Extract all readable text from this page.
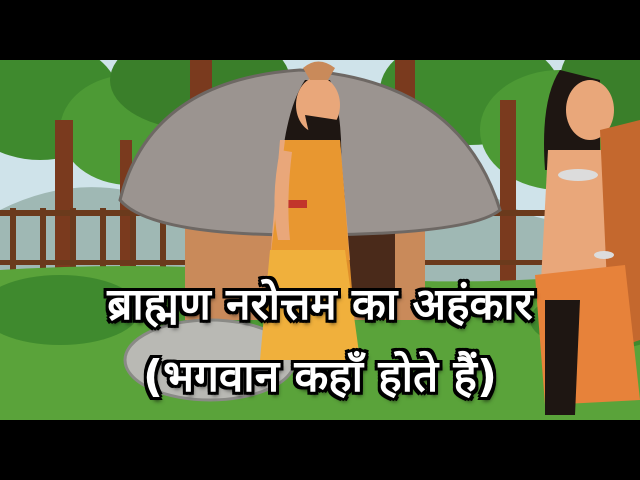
ब्राह्मण नरोत्तम का अहंकार
(भगवान कहाँ होते हैं)
